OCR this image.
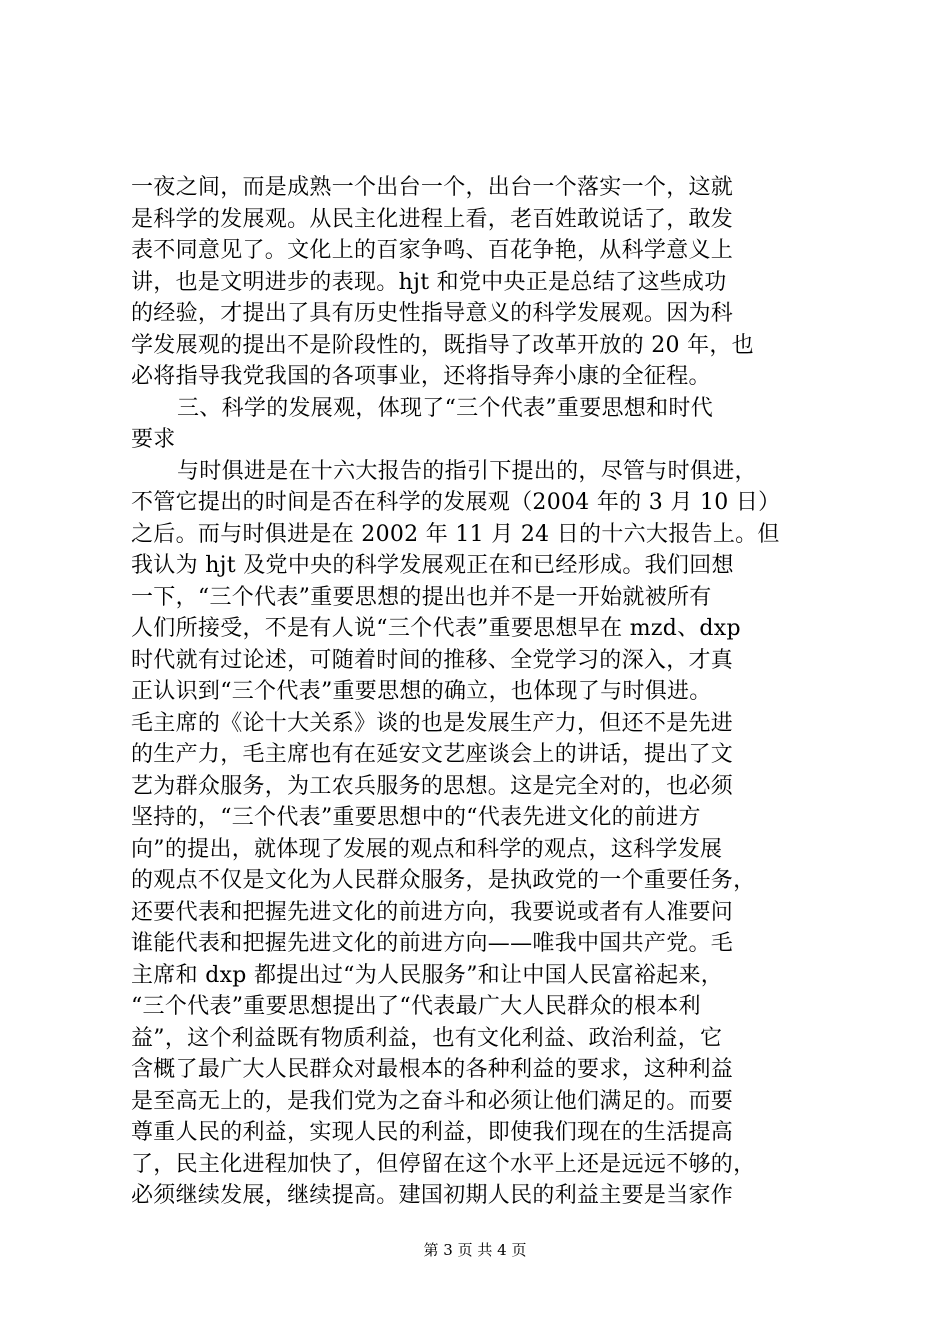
一夜之间，而是成熟一个出台一个，出台一个落实一个，这就
是科学的发展观。从民主化进程上看，老百姓敢说话了，敢发
表不同意见了。文化上的百家争鸣、百花争艳，从科学意义上
讲，也是文明进步的表现。hjt 和党中央正是总结了这些成功
的经验，才提出了具有历史性指导意义的科学发展观。因为科
学发展观的提出不是阶段性的，既指导了改革开放的 20 年，也
必将指导我党我国的各项事业，还将指导奔小康的全征程。
三、科学的发展观，体现了“三个代表”重要思想和时代
要求
与时俱进是在十六大报告的指引下提出的，尽管与时俱进，
不管它提出的时间是否在科学的发展观（2004 年的 3 月 10 日）
之后。而与时俱进是在 2002 年 11 月 24 日的十六大报告上。但
我认为 hjt 及党中央的科学发展观正在和已经形成。我们回想
一下，“三个代表”重要思想的提出也并不是一开始就被所有
人们所接受，不是有人说“三个代表”重要思想早在 mzd、dxp
时代就有过论述，可随着时间的推移、全党学习的深入，才真
正认识到“三个代表”重要思想的确立，也体现了与时俱进。
毛主席的《论十大关系》谈的也是发展生产力，但还不是先进
的生产力，毛主席也有在延安文艺座谈会上的讲话，提出了文
艺为群众服务，为工农兵服务的思想。这是完全对的，也必须
坚持的，“三个代表”重要思想中的“代表先进文化的前进方
向”的提出，就体现了发展的观点和科学的观点，这科学发展
的观点不仅是文化为人民群众服务，是执政党的一个重要任务，
还要代表和把握先进文化的前进方向，我要说或者有人准要问
谁能代表和把握先进文化的前进方向——唯我中国共产党。毛
主席和 dxp 都提出过“为人民服务”和让中国人民富裕起来，
“三个代表”重要思想提出了“代表最广大人民群众的根本利
益”，这个利益既有物质利益，也有文化利益、政治利益，它
含概了最广大人民群众对最根本的各种利益的要求，这种利益
是至高无上的，是我们党为之奋斗和必须让他们满足的。而要
尊重人民的利益，实现人民的利益，即使我们现在的生活提高
了，民主化进程加快了，但停留在这个水平上还是远远不够的，
必须继续发展，继续提高。建国初期人民的利益主要是当家作
第 3 页 共 4 页
